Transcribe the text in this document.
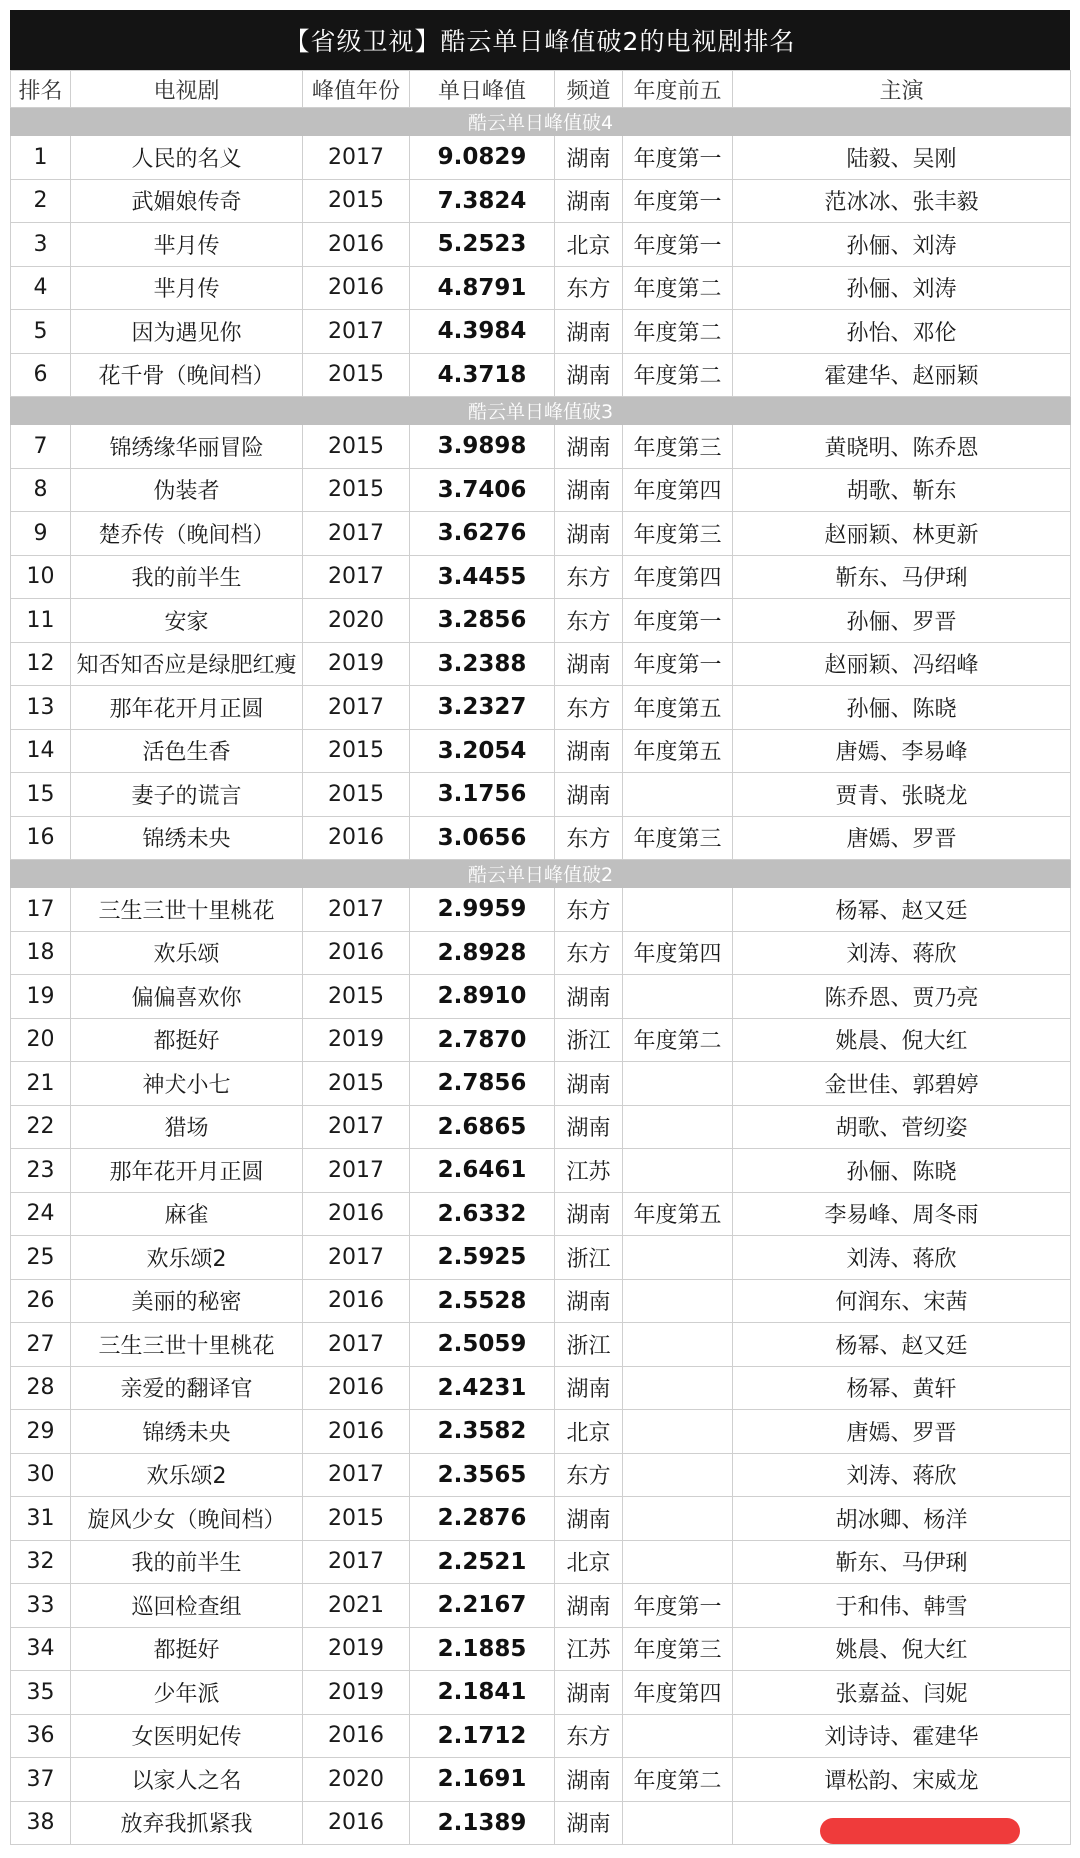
【省级卫视】酷云单日峰值破2的电视剧排名
排名	电视剧	峰值年份	单日峰值	频道	年度前五	主演
酷云单日峰值破4						
1	人民的名义	2017	9.0829	湖南	年度第一	陆毅、吴刚
2	武媚娘传奇	2015	7.3824	湖南	年度第一	范冰冰、张丰毅
3	芈月传	2016	5.2523	北京	年度第一	孙俪、刘涛
4	芈月传	2016	4.8791	东方	年度第二	孙俪、刘涛
5	因为遇见你	2017	4.3984	湖南	年度第二	孙怡、邓伦
6	花千骨（晚间档）	2015	4.3718	湖南	年度第二	霍建华、赵丽颖
酷云单日峰值破3						
7	锦绣缘华丽冒险	2015	3.9898	湖南	年度第三	黄晓明、陈乔恩
8	伪装者	2015	3.7406	湖南	年度第四	胡歌、靳东
9	楚乔传（晚间档）	2017	3.6276	湖南	年度第三	赵丽颖、林更新
10	我的前半生	2017	3.4455	东方	年度第四	靳东、马伊琍
11	安家	2020	3.2856	东方	年度第一	孙俪、罗晋
12	知否知否应是绿肥红瘦	2019	3.2388	湖南	年度第一	赵丽颖、冯绍峰
13	那年花开月正圆	2017	3.2327	东方	年度第五	孙俪、陈晓
14	活色生香	2015	3.2054	湖南	年度第五	唐嫣、李易峰
15	妻子的谎言	2015	3.1756	湖南		贾青、张晓龙
16	锦绣未央	2016	3.0656	东方	年度第三	唐嫣、罗晋
酷云单日峰值破2						
17	三生三世十里桃花	2017	2.9959	东方		杨幂、赵又廷
18	欢乐颂	2016	2.8928	东方	年度第四	刘涛、蒋欣
19	偏偏喜欢你	2015	2.8910	湖南		陈乔恩、贾乃亮
20	都挺好	2019	2.7870	浙江	年度第二	姚晨、倪大红
21	神犬小七	2015	2.7856	湖南		金世佳、郭碧婷
22	猎场	2017	2.6865	湖南		胡歌、菅纫姿
23	那年花开月正圆	2017	2.6461	江苏		孙俪、陈晓
24	麻雀	2016	2.6332	湖南	年度第五	李易峰、周冬雨
25	欢乐颂2	2017	2.5925	浙江		刘涛、蒋欣
26	美丽的秘密	2016	2.5528	湖南		何润东、宋茜
27	三生三世十里桃花	2017	2.5059	浙江		杨幂、赵又廷
28	亲爱的翻译官	2016	2.4231	湖南		杨幂、黄轩
29	锦绣未央	2016	2.3582	北京		唐嫣、罗晋
30	欢乐颂2	2017	2.3565	东方		刘涛、蒋欣
31	旋风少女（晚间档）	2015	2.2876	湖南		胡冰卿、杨洋
32	我的前半生	2017	2.2521	北京		靳东、马伊琍
33	巡回检查组	2021	2.2167	湖南	年度第一	于和伟、韩雪
34	都挺好	2019	2.1885	江苏	年度第三	姚晨、倪大红
35	少年派	2019	2.1841	湖南	年度第四	张嘉益、闫妮
36	女医明妃传	2016	2.1712	东方		刘诗诗、霍建华
37	以家人之名	2020	2.1691	湖南	年度第二	谭松韵、宋威龙
38	放弃我抓紧我	2016	2.1389	湖南		
